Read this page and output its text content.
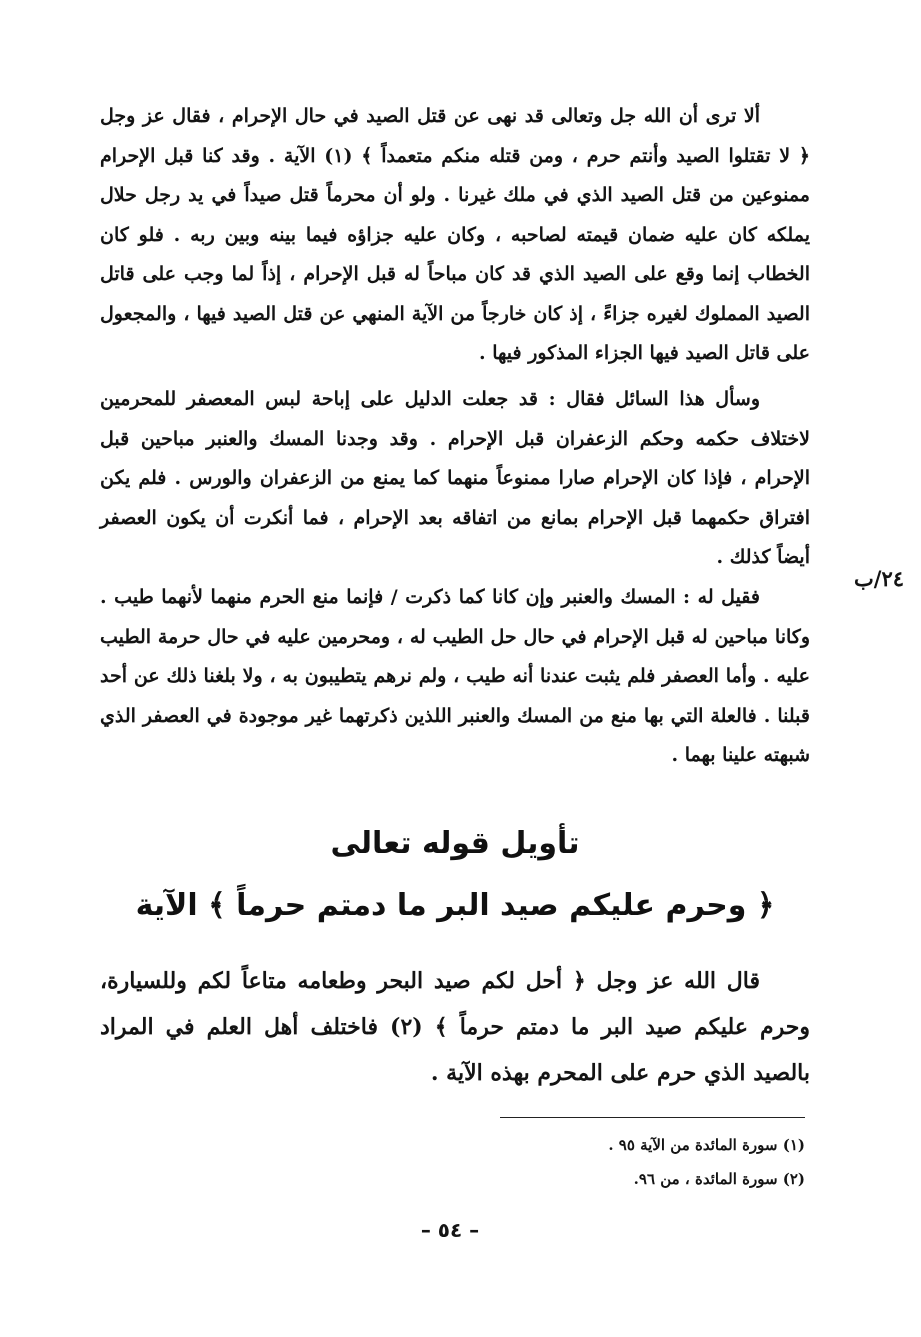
ألا ترى أن الله جل وتعالى قد نهى عن قتل الصيد في حال الإحرام ، فقال عز وجل ﴿ لا تقتلوا الصيد وأنتم حرم ، ومن قتله منكم متعمداً ﴾ (١) الآية . وقد كنا قبل الإحرام ممنوعين من قتل الصيد الذي في ملك غيرنا . ولو أن محرماً قتل صيداً في يد رجل حلال يملكه كان عليه ضمان قيمته لصاحبه ، وكان عليه جزاؤه فيما بينه وبين ربه . فلو كان الخطاب إنما وقع على الصيد الذي قد كان مباحاً له قبل الإحرام ، إذاً لما وجب على قاتل الصيد المملوك لغيره جزاءً ، إذ كان خارجاً من الآية المنهي عن قتل الصيد فيها ، والمجعول على قاتل الصيد فيها الجزاء المذكور فيها .

وسأل هذا السائل فقال : قد جعلت الدليل على إباحة لبس المعصفر للمحرمين لاختلاف حكمه وحكم الزعفران قبل الإحرام . وقد وجدنا المسك والعنبر مباحين قبل الإحرام ، فإذا كان الإحرام صارا ممنوعاً منهما كما يمنع من الزعفران والورس . فلم يكن افتراق حكمهما قبل الإحرام بمانع من اتفاقه بعد الإحرام ، فما أنكرت أن يكون العصفر أيضاً كذلك .

٢٤/ب

فقيل له : المسك والعنبر وإن كانا كما ذكرت / فإنما منع الحرم منهما لأنهما طيب . وكانا مباحين له قبل الإحرام في حال حل الطيب له ، ومحرمين عليه في حال حرمة الطيب عليه . وأما العصفر فلم يثبت عندنا أنه طيب ، ولم نرهم يتطيبون به ، ولا بلغنا ذلك عن أحد قبلنا . فالعلة التي بها منع من المسك والعنبر اللذين ذكرتهما غير موجودة في العصفر الذي شبهته علينا بهما .

تأويل قوله تعالى
﴿ وحرم عليكم صيد البر ما دمتم حرماً ﴾ الآية

قال الله عز وجل ﴿ أحل لكم صيد البحر وطعامه متاعاً لكم وللسيارة، وحرم عليكم صيد البر ما دمتم حرماً ﴾ (٢) فاختلف أهل العلم في المراد بالصيد الذي حرم على المحرم بهذه الآية .

(١) سورة المائدة من الآية ٩٥ .

(٢) سورة المائدة ، من ٩٦.

– ٥٤ –
